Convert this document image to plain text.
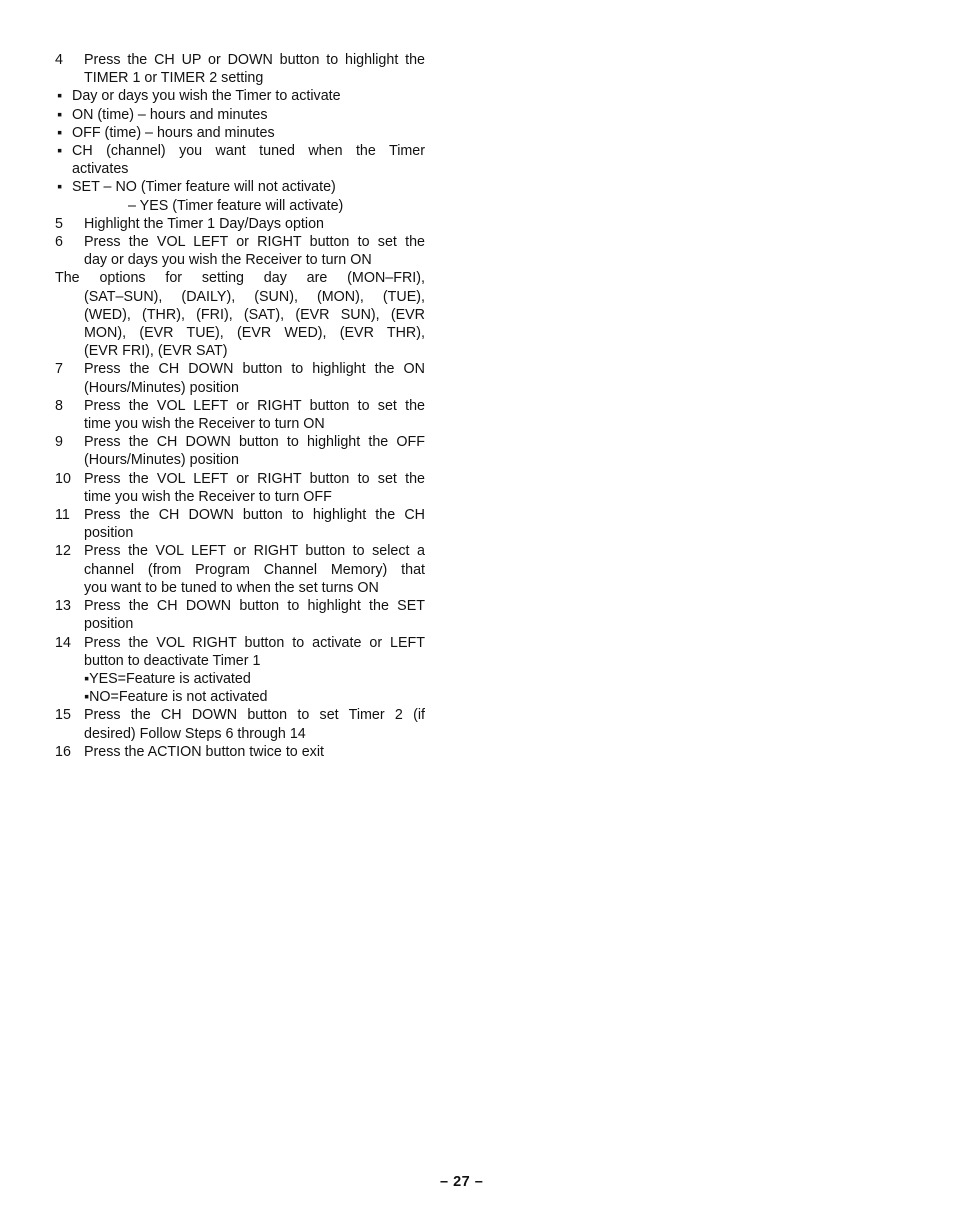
4	Press the CH UP or DOWN button to highlight the
TIMER 1 or TIMER 2 setting
▪ Day or days you wish the Timer to activate
▪ ON (time) – hours and minutes
▪ OFF (time) – hours and minutes
▪ CH (channel) you want tuned when the Timer
activates
▪ SET – NO (Timer feature will not activate)
– YES (Timer feature will activate)
5	Highlight the Timer 1 Day/Days option
6	Press the VOL LEFT or RIGHT button to set the
day or days you wish the Receiver to turn ON
The options for setting day are (MON–FRI),
(SAT–SUN), (DAILY), (SUN), (MON), (TUE),
(WED), (THR), (FRI), (SAT), (EVR SUN), (EVR
MON), (EVR TUE), (EVR WED), (EVR THR),
(EVR FRI), (EVR SAT)
7	Press the CH DOWN button to highlight the ON
(Hours/Minutes) position
8	Press the VOL LEFT or RIGHT button to set the
time you wish the Receiver to turn ON
9	Press the CH DOWN button to highlight the OFF
(Hours/Minutes) position
10 Press the VOL LEFT or RIGHT button to set the
time you wish the Receiver to turn OFF
11 Press the CH DOWN button to highlight the CH
position
12 Press the VOL LEFT or RIGHT button to select a
channel (from Program Channel Memory) that
you want to be tuned to when the set turns ON
13 Press the CH DOWN button to highlight the SET
position
14 Press the VOL RIGHT button to activate or LEFT
button to deactivate Timer 1
▪YES=Feature is activated
▪NO=Feature is not activated
15 Press the CH DOWN button to set Timer 2 (if
desired) Follow Steps 6 through 14
16 Press the ACTION button twice to exit
– 27 –
